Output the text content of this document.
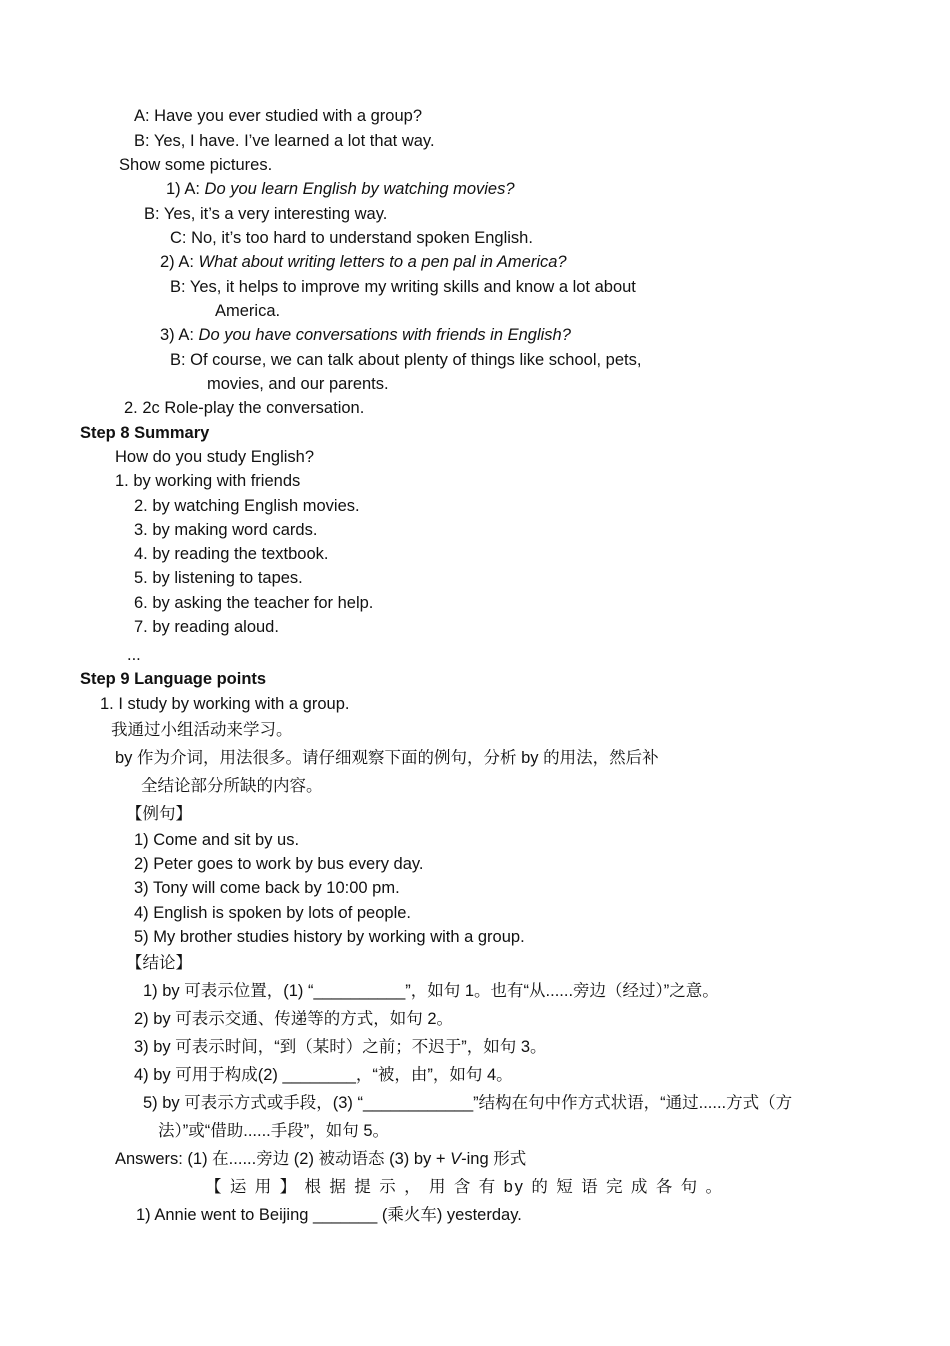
A: Have you ever studied with a group?
B: Yes, I have. I’ve learned a lot that way.
Show some pictures.
1) A: Do you learn English by watching movies?
B: Yes, it’s a very interesting way.
C: No, it’s too hard to understand spoken English.
2) A: What about writing letters to a pen pal in America?
B: Yes, it helps to improve my writing skills and know a lot about
America.
3) A: Do you have conversations with friends in English?
B: Of course, we can talk about plenty of things like school, pets,
movies, and our parents.
2. 2c Role-play the conversation.
Step 8 Summary
How do you study English?
1. by working with friends
2. by watching English movies.
3. by making word cards.
4. by reading the textbook.
5. by listening to tapes.
6. by asking the teacher for help.
7. by reading aloud.
...
Step 9 Language points
1. I study by working with a group.
我通过小组活动来学习。
by 作为介词，用法很多。请仔细观察下面的例句，分析 by 的用法，然后补
全结论部分所缺的内容。
【例句】
1) Come and sit by us.
2) Peter goes to work by bus every day.
3) Tony will come back by 10:00 pm.
4) English is spoken by lots of people.
5) My brother studies history by working with a group.
【结论】
1) by 可表示位置，(1) “__________”，如句 1。也有“从......旁边（经过）”之意。
2) by 可表示交通、传递等的方式，如句 2。
3) by 可表示时间，“到（某时）之前；不迟于”，如句 3。
4) by 可用于构成(2) ________，“被，由”，如句 4。
5) by 可表示方式或手段，(3) “____________”结构在句中作方式状语，“通过......方式（方
法）”或“借助......手段”，如句 5。
Answers: (1) 在......旁边 (2) 被动语态 (3) by + V-ing 形式
【 运 用 】 根 据 提 示 ， 用 含 有 by 的 短 语 完 成 各 句 。
1) Annie went to Beijing _______ (乘火车) yesterday.
